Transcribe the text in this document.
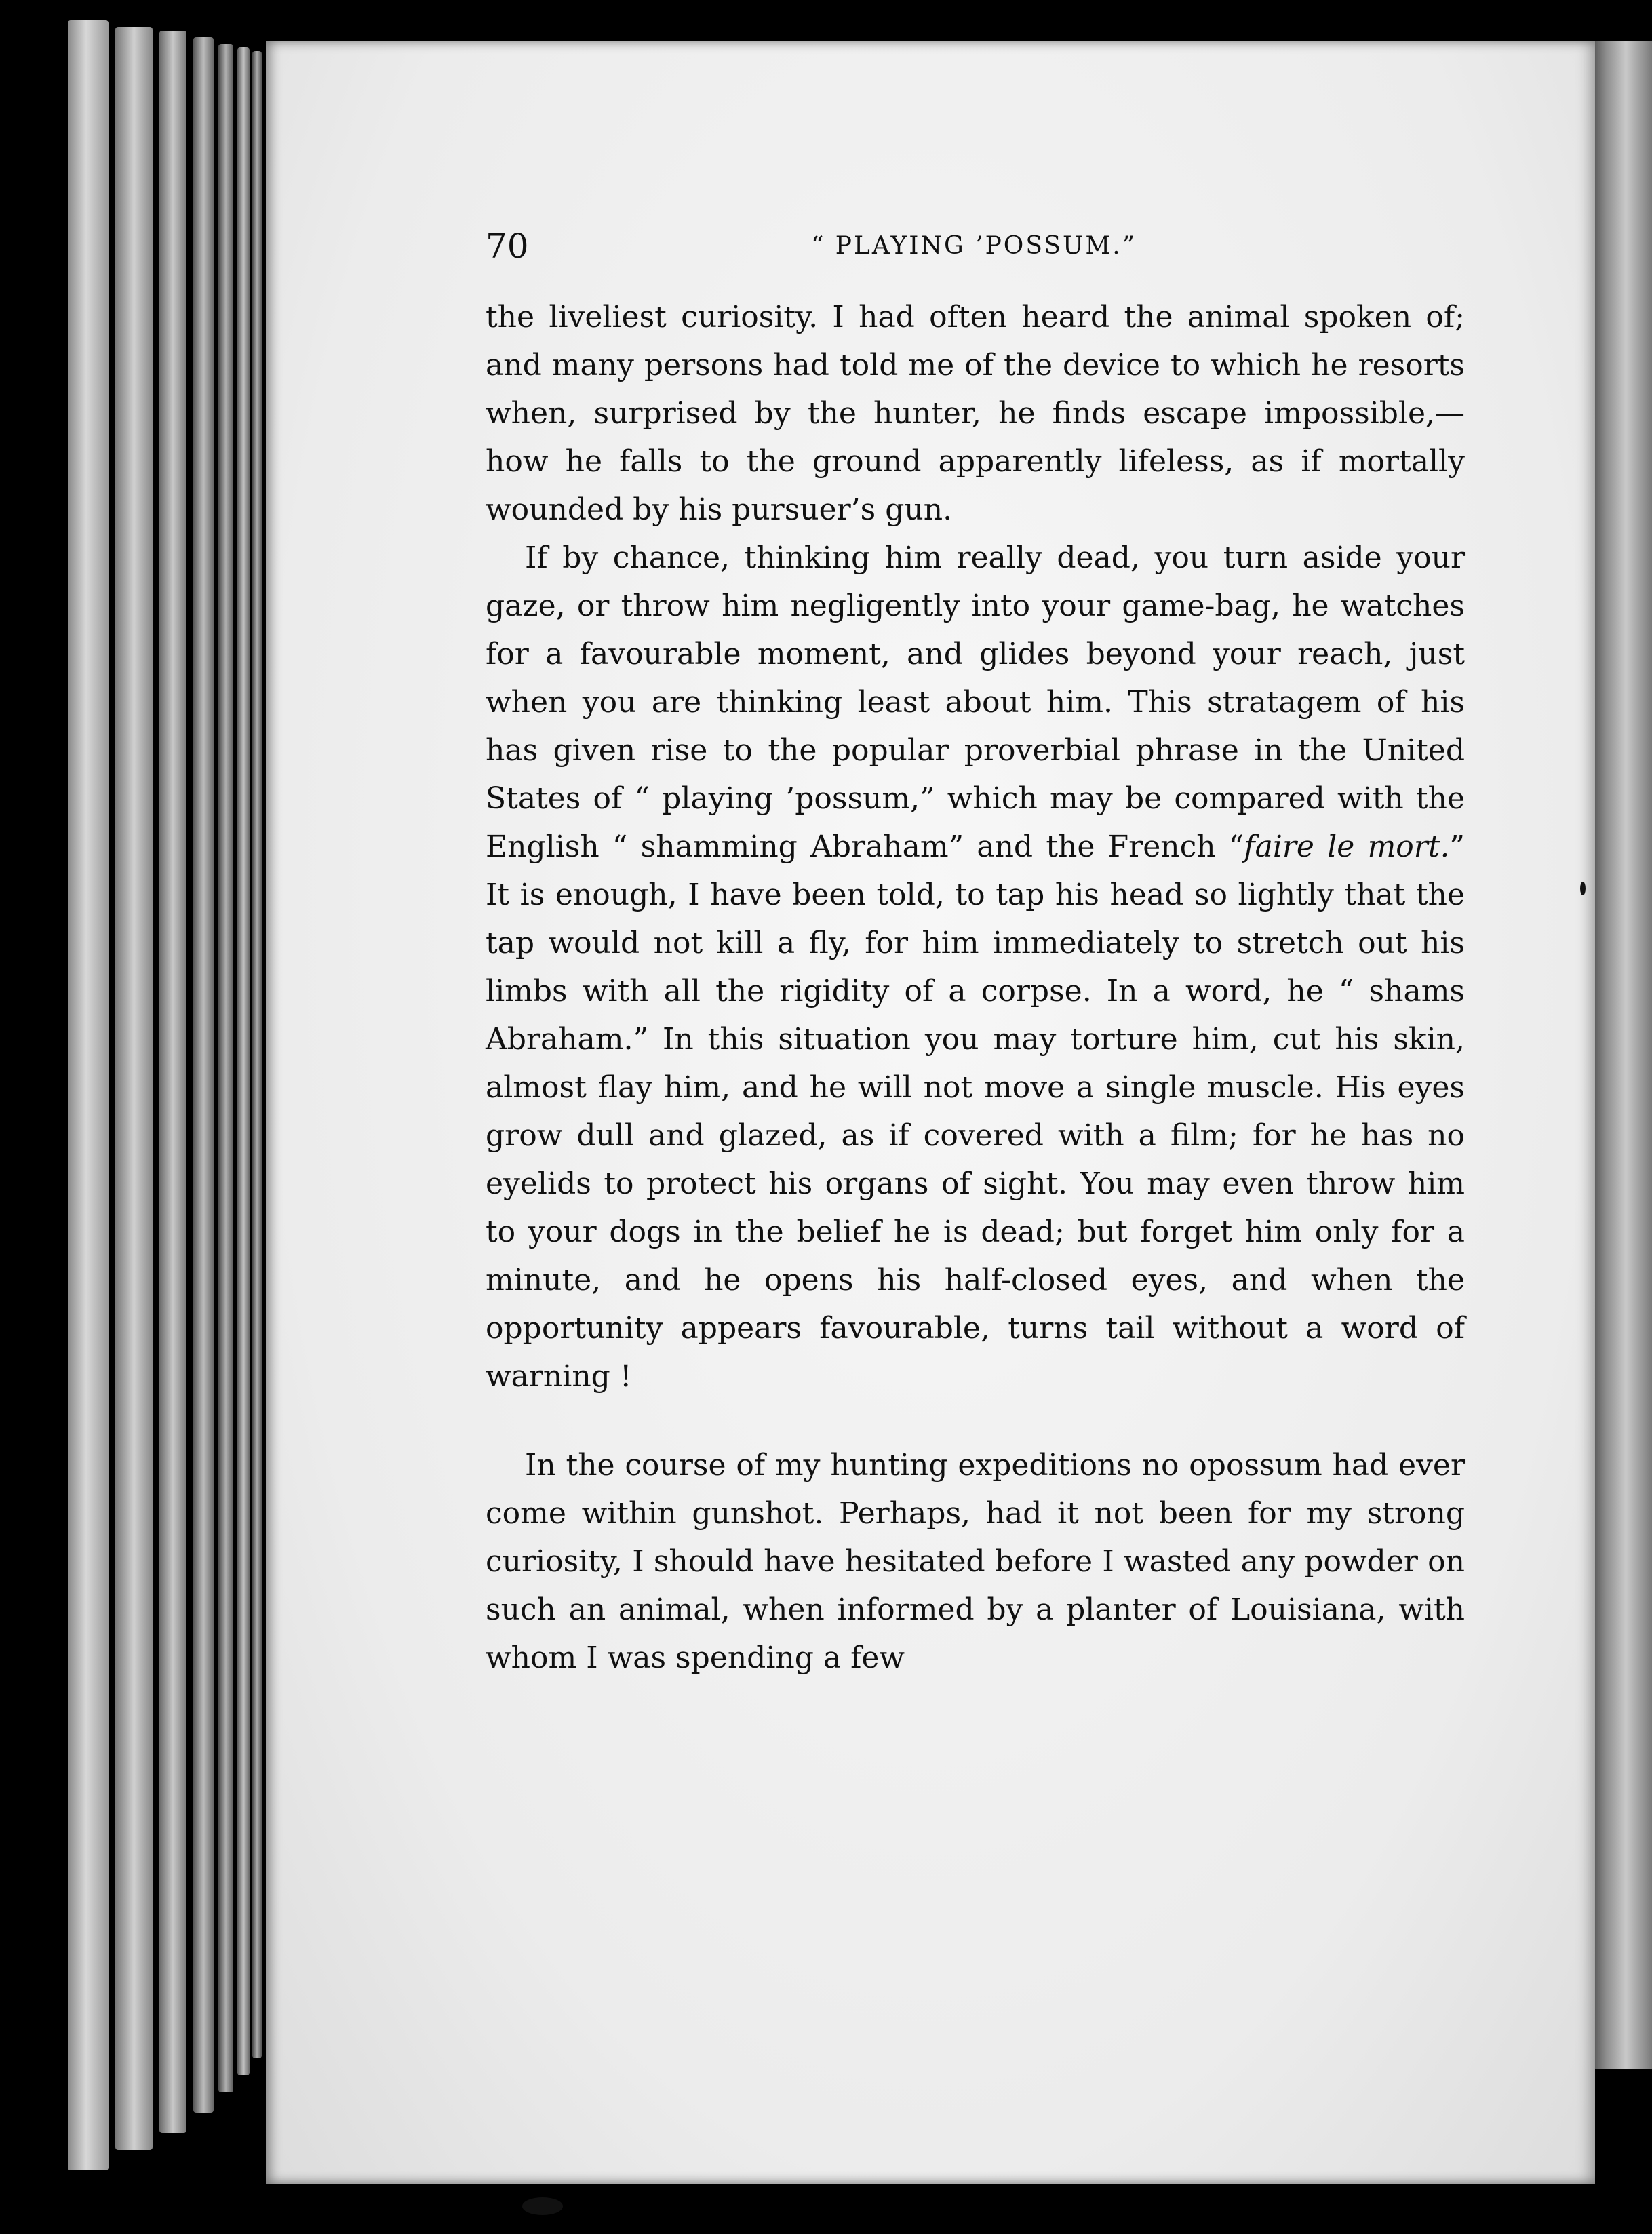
70	“ PLAYING ’POSSUM.”

the liveliest curiosity. I had often heard the animal spoken of; and many persons had told me of the device to which he resorts when, surprised by the hunter, he finds escape impossible,—how he falls to the ground apparently lifeless, as if mortally wounded by his pursuer’s gun.

If by chance, thinking him really dead, you turn aside your gaze, or throw him negligently into your game-bag, he watches for a favourable moment, and glides beyond your reach, just when you are thinking least about him. This stratagem of his has given rise to the popular proverbial phrase in the United States of “ playing ’possum,” which may be compared with the English “ shamming Abraham” and the French “faire le mort.” It is enough, I have been told, to tap his head so lightly that the tap would not kill a fly, for him immediately to stretch out his limbs with all the rigidity of a corpse. In a word, he “ shams Abraham.” In this situation you may torture him, cut his skin, almost flay him, and he will not move a single muscle. His eyes grow dull and glazed, as if covered with a film; for he has no eyelids to protect his organs of sight. You may even throw him to your dogs in the belief he is dead; but forget him only for a minute, and he opens his half-closed eyes, and when the opportunity appears favourable, turns tail without a word of warning !

In the course of my hunting expeditions no opossum had ever come within gunshot. Perhaps, had it not been for my strong curiosity, I should have hesitated before I wasted any powder on such an animal, when informed by a planter of Louisiana, with whom I was spending a few
